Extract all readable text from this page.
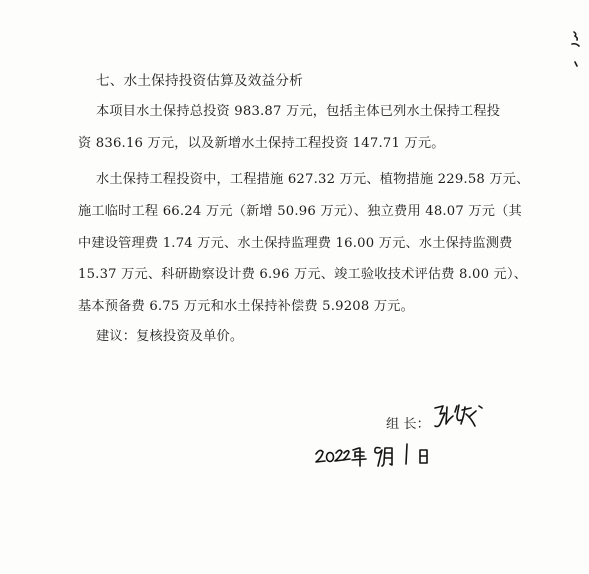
七、水土保持投资估算及效益分析
本项目水土保持总投资 983.87 万元，包括主体已列水土保持工程投
资 836.16 万元，以及新增水土保持工程投资 147.71 万元。
水土保持工程投资中，工程措施 627.32 万元、植物措施 229.58 万元、
施工临时工程 66.24 万元（新增 50.96 万元）、独立费用 48.07 万元（其
中建设管理费 1.74 万元、水土保持监理费 16.00 万元、水土保持监测费
15.37 万元、科研勘察设计费 6.96 万元、竣工验收技术评估费 8.00 元）、
基本预备费 6.75 万元和水土保持补偿费 5.9208 万元。
建议：复核投资及单价。
组 长：
